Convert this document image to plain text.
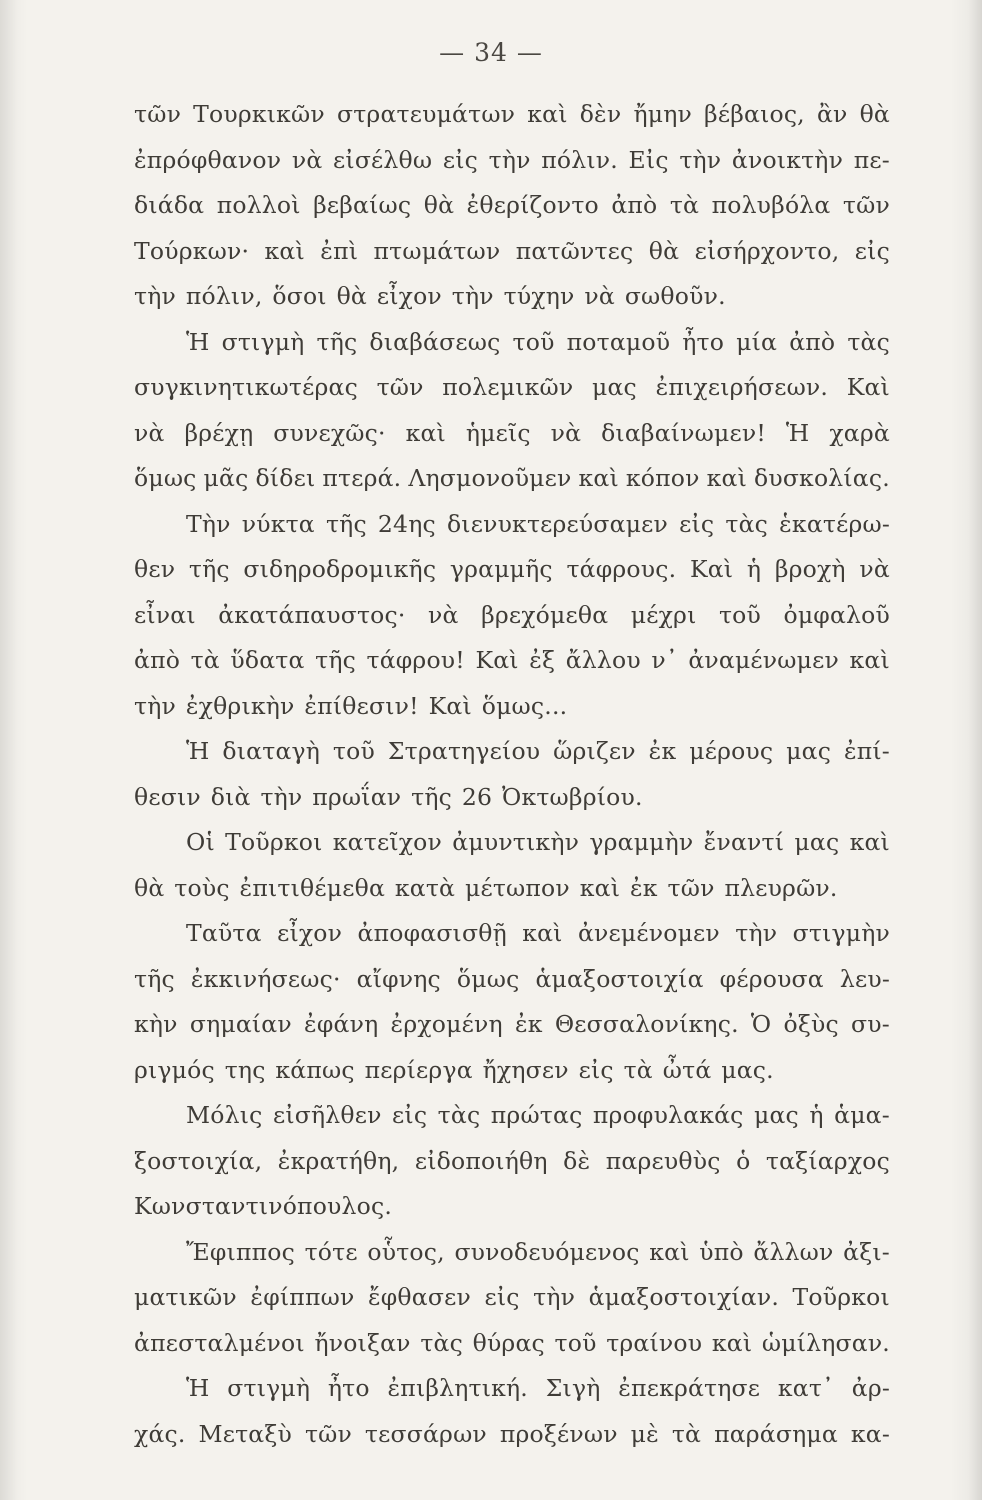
— 34 —
τῶν Τουρκικῶν στρατευμάτων καὶ δὲν ἤμην βέβαιος, ἂν θὰ
ἐπρόφθανον νὰ εἰσέλθω εἰς τὴν πόλιν. Εἰς τὴν ἀνοικτὴν πε-
διάδα πολλοὶ βεβαίως θὰ ἐθερίζοντο ἀπὸ τὰ πολυβόλα τῶν
Τούρκων· καὶ ἐπὶ πτωμάτων πατῶντες θὰ εἰσήρχοντο, εἰς
τὴν πόλιν, ὅσοι θὰ εἶχον τὴν τύχην νὰ σωθοῦν.
Ἡ στιγμὴ τῆς διαβάσεως τοῦ ποταμοῦ ἦτο μία ἀπὸ τὰς
συγκινητικωτέρας τῶν πολεμικῶν μας ἐπιχειρήσεων. Καὶ
νὰ βρέχῃ συνεχῶς· καὶ ἡμεῖς νὰ διαβαίνωμεν! Ἡ χαρὰ
ὅμως μᾶς δίδει πτερά. Λησμονοῦμεν καὶ κόπον καὶ δυσκολίας.
Τὴν νύκτα τῆς 24ης διενυκτερεύσαμεν εἰς τὰς ἑκατέρω-
θεν τῆς σιδηροδρομικῆς γραμμῆς τάφρους. Καὶ ἡ βροχὴ νὰ
εἶναι ἀκατάπαυστος· νὰ βρεχόμεθα μέχρι τοῦ ὀμφαλοῦ
ἀπὸ τὰ ὕδατα τῆς τάφρου! Καὶ ἐξ ἄλλου ν᾽ ἀναμένωμεν καὶ
τὴν ἐχθρικὴν ἐπίθεσιν! Καὶ ὅμως...
Ἡ διαταγὴ τοῦ Στρατηγείου ὥριζεν ἐκ μέρους μας ἐπί-
θεσιν διὰ τὴν πρωΐαν τῆς 26 Ὀκτωβρίου.
Οἱ Τοῦρκοι κατεῖχον ἀμυντικὴν γραμμὴν ἔναντί μας καὶ
θὰ τοὺς ἐπιτιθέμεθα κατὰ μέτωπον καὶ ἐκ τῶν πλευρῶν.
Ταῦτα εἶχον ἀποφασισθῇ καὶ ἀνεμένομεν τὴν στιγμὴν
τῆς ἐκκινήσεως· αἴφνης ὅμως ἁμαξοστοιχία φέρουσα λευ-
κὴν σημαίαν ἐφάνη ἐρχομένη ἐκ Θεσσαλονίκης. Ὁ ὀξὺς συ-
ριγμός της κάπως περίεργα ἤχησεν εἰς τὰ ὦτά μας.
Μόλις εἰσῆλθεν εἰς τὰς πρώτας προφυλακάς μας ἡ ἁμα-
ξοστοιχία, ἐκρατήθη, εἰδοποιήθη δὲ παρευθὺς ὁ ταξίαρχος
Κωνσταντινόπουλος.
Ἔφιππος τότε οὗτος, συνοδευόμενος καὶ ὑπὸ ἄλλων ἀξι-
ματικῶν ἐφίππων ἔφθασεν εἰς τὴν ἁμαξοστοιχίαν. Τοῦρκοι
ἀπεσταλμένοι ἤνοιξαν τὰς θύρας τοῦ τραίνου καὶ ὡμίλησαν.
Ἡ στιγμὴ ἦτο ἐπιβλητική. Σιγὴ ἐπεκράτησε κατ᾽ ἀρ-
χάς. Μεταξὺ τῶν τεσσάρων προξένων μὲ τὰ παράσημα κα-
